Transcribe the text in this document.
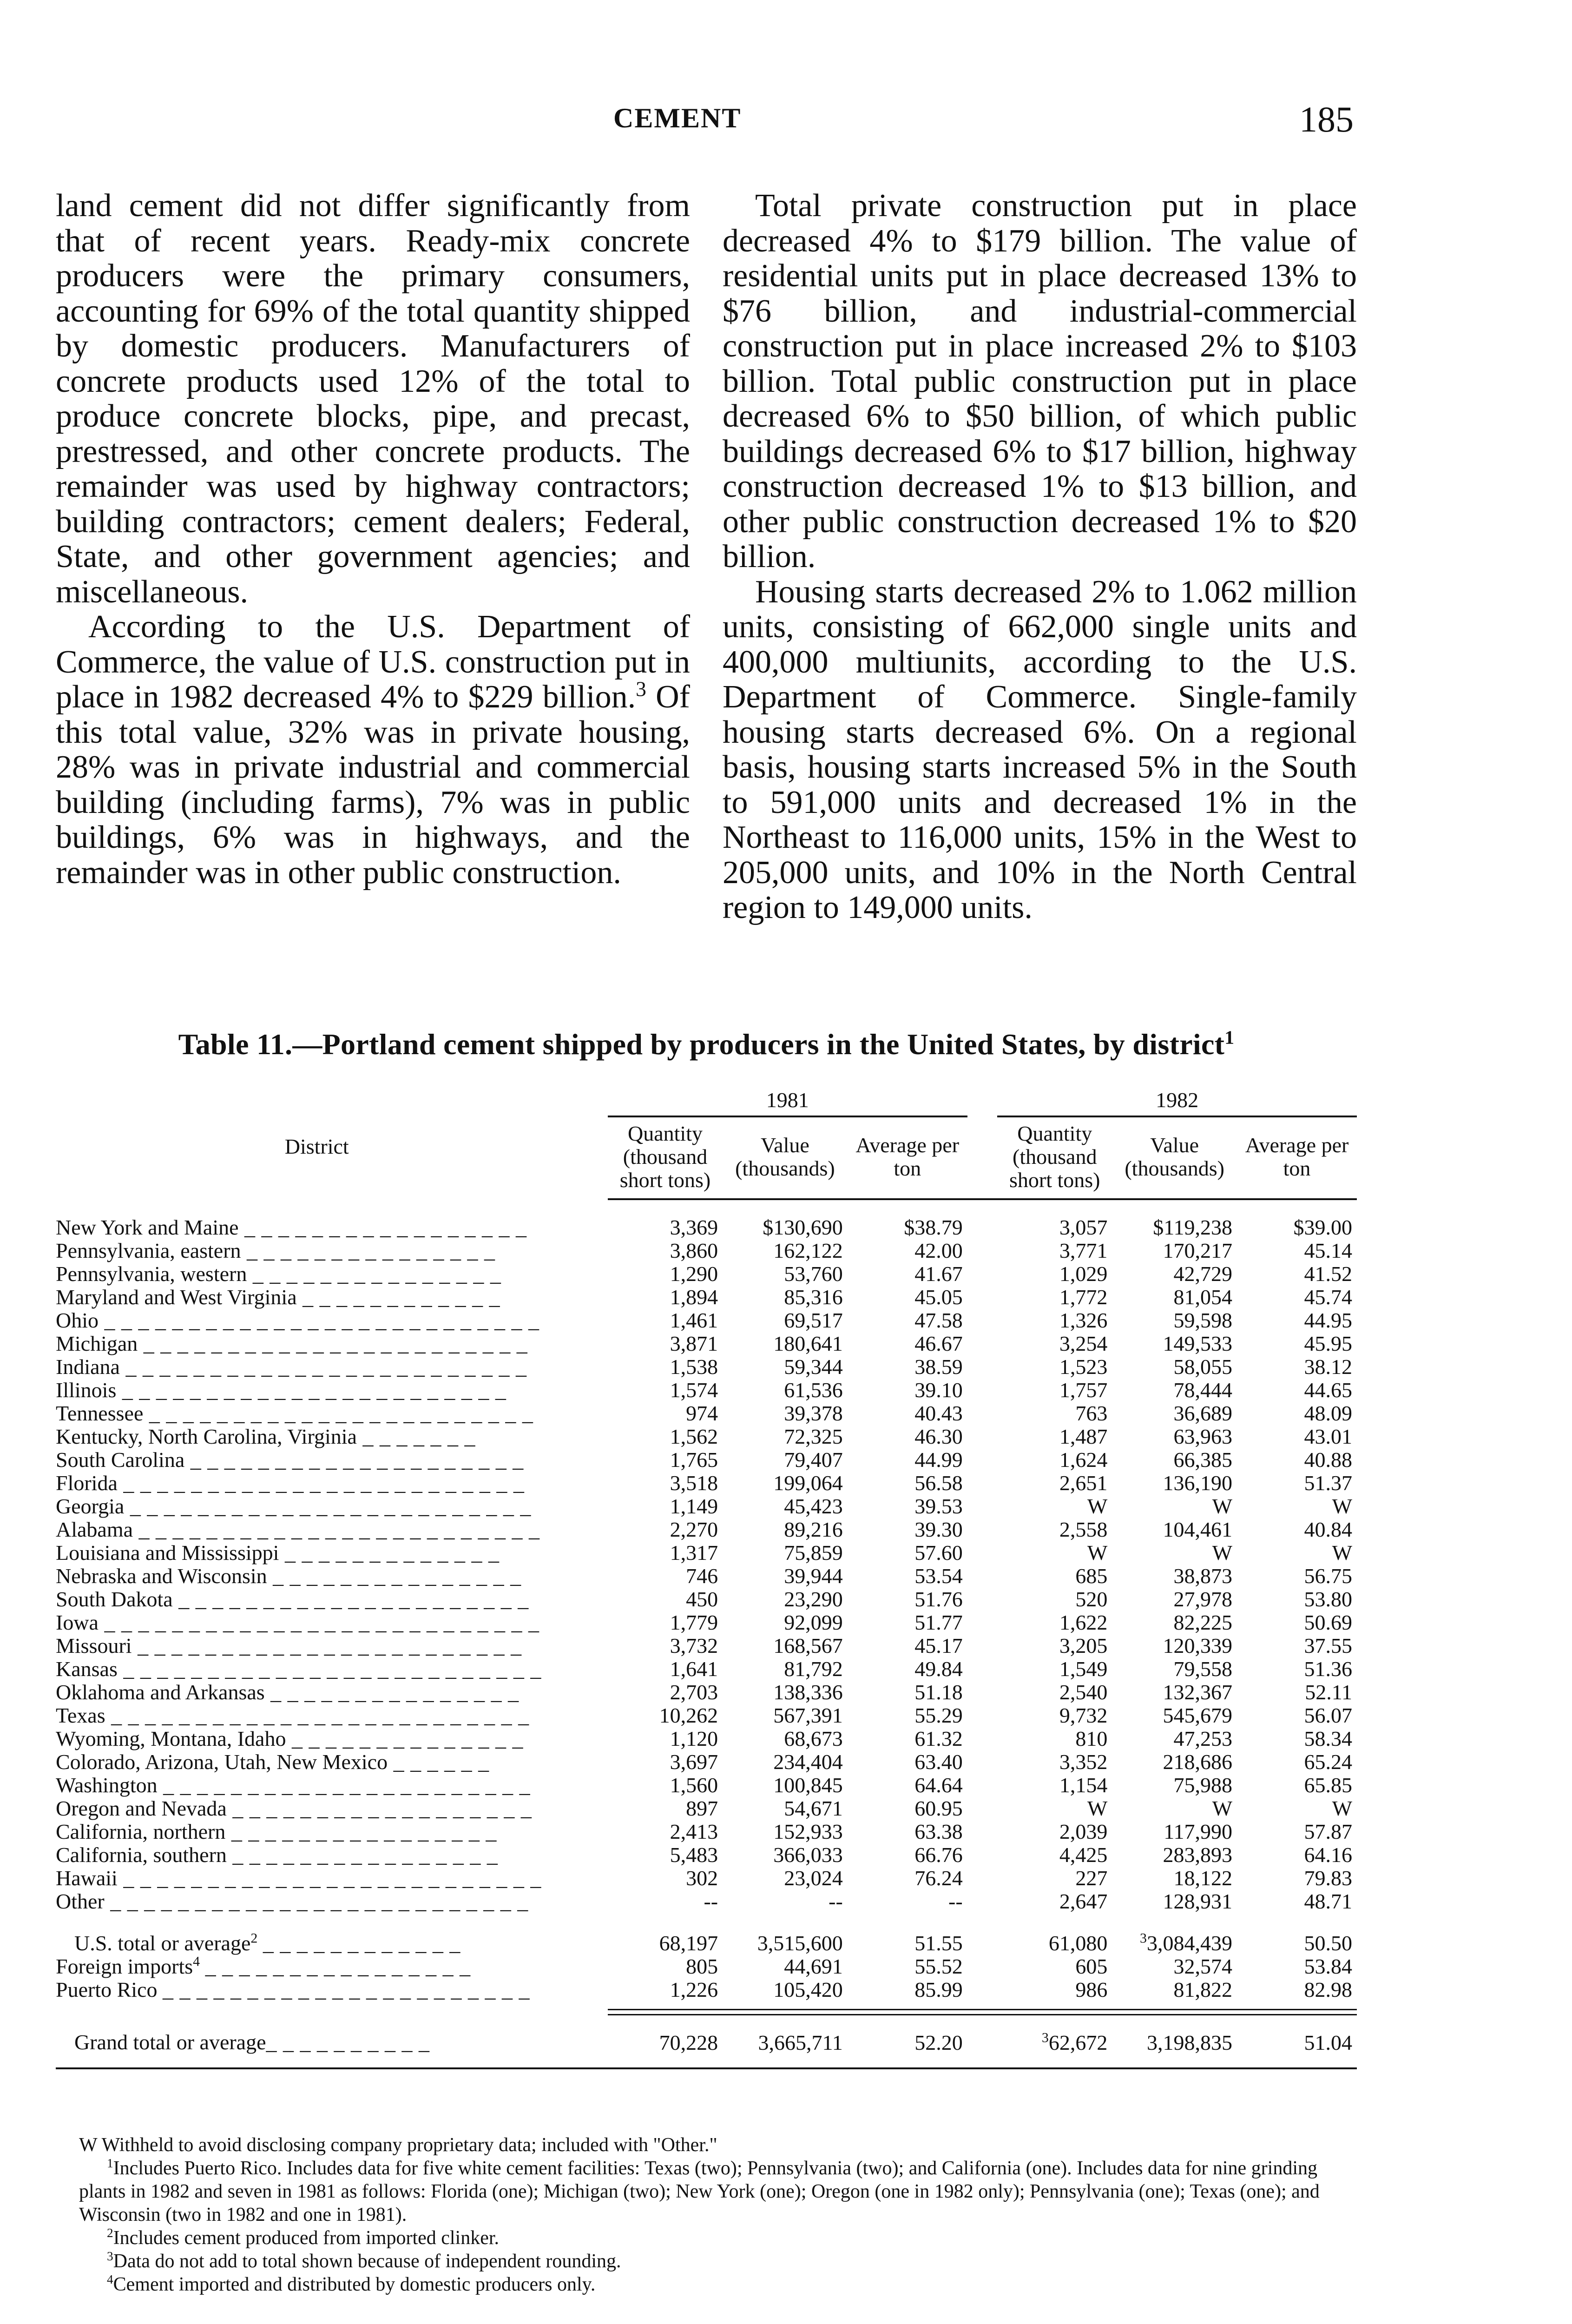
CEMENT	185

land cement did not differ significantly from that of recent years. Ready-mix concrete producers were the primary consumers, accounting for 69% of the total quantity shipped by domestic producers. Manufacturers of concrete products used 12% of the total to produce concrete blocks, pipe, and precast, prestressed, and other concrete products. The remainder was used by highway contractors; building contractors; cement dealers; Federal, State, and other government agencies; and miscellaneous.

According to the U.S. Department of Commerce, the value of U.S. construction put in place in 1982 decreased 4% to $229 billion.$^3$ Of this total value, 32% was in private housing, 28% was in private industrial and commercial building (including farms), 7% was in public buildings, 6% was in highways, and the remainder was in other public construction.

Total private construction put in place decreased 4% to $179 billion. The value of residential units put in place decreased 13% to $76 billion, and industrial-commercial construction put in place increased 2% to $103 billion. Total public construction put in place decreased 6% to $50 billion, of which public buildings decreased 6% to $17 billion, highway construction decreased 1% to $13 billion, and other public construction decreased 1% to $20 billion.

Housing starts decreased 2% to 1.062 million units, consisting of 662,000 single units and 400,000 multiunits, according to the U.S. Department of Commerce. Single-family housing starts decreased 6%. On a regional basis, housing starts increased 5% in the South to 591,000 units and decreased 1% in the Northeast to 116,000 units, 15% in the West to 205,000 units, and 10% in the North Central region to 149,000 units.

Table 11.—Portland cement shipped by producers in the United States, by district$^1$
District		1981				1982		
		Quantity (thousand short tons)	Value (thousands)	Average per ton		Quantity (thousand short tons)	Value (thousands)	Average per ton

New York and Maine _ _ _ _ _ _ _ _ _ _ _ _ _ _ _ _ _		3,369	$130,690	$38.79		3,057	$119,238	$39.00
Pennsylvania, eastern _ _ _ _ _ _ _ _ _ _ _ _ _ _ _		3,860	162,122	42.00		3,771	170,217	45.14
Pennsylvania, western _ _ _ _ _ _ _ _ _ _ _ _ _ _ _		1,290	53,760	41.67		1,029	42,729	41.52
Maryland and West Virginia _ _ _ _ _ _ _ _ _ _ _ _		1,894	85,316	45.05		1,772	81,054	45.74
Ohio _ _ _ _ _ _ _ _ _ _ _ _ _ _ _ _ _ _ _ _ _ _ _ _ _ _		1,461	69,517	47.58		1,326	59,598	44.95
Michigan _ _ _ _ _ _ _ _ _ _ _ _ _ _ _ _ _ _ _ _ _ _ _		3,871	180,641	46.67		3,254	149,533	45.95
Indiana _ _ _ _ _ _ _ _ _ _ _ _ _ _ _ _ _ _ _ _ _ _ _ _		1,538	59,344	38.59		1,523	58,055	38.12
Illinois _ _ _ _ _ _ _ _ _ _ _ _ _ _ _ _ _ _ _ _ _ _ _		1,574	61,536	39.10		1,757	78,444	44.65
Tennessee _ _ _ _ _ _ _ _ _ _ _ _ _ _ _ _ _ _ _ _ _ _ _		974	39,378	40.43		763	36,689	48.09
Kentucky, North Carolina, Virginia _ _ _ _ _ _ _		1,562	72,325	46.30		1,487	63,963	43.01
South Carolina _ _ _ _ _ _ _ _ _ _ _ _ _ _ _ _ _ _ _ _		1,765	79,407	44.99		1,624	66,385	40.88
Florida _ _ _ _ _ _ _ _ _ _ _ _ _ _ _ _ _ _ _ _ _ _ _ _		3,518	199,064	56.58		2,651	136,190	51.37
Georgia _ _ _ _ _ _ _ _ _ _ _ _ _ _ _ _ _ _ _ _ _ _ _ _		1,149	45,423	39.53		W	W	W
Alabama _ _ _ _ _ _ _ _ _ _ _ _ _ _ _ _ _ _ _ _ _ _ _ _		2,270	89,216	39.30		2,558	104,461	40.84
Louisiana and Mississippi _ _ _ _ _ _ _ _ _ _ _ _ _		1,317	75,859	57.60		W	W	W
Nebraska and Wisconsin _ _ _ _ _ _ _ _ _ _ _ _ _ _ _		746	39,944	53.54		685	38,873	56.75
South Dakota _ _ _ _ _ _ _ _ _ _ _ _ _ _ _ _ _ _ _ _ _		450	23,290	51.76		520	27,978	53.80
Iowa _ _ _ _ _ _ _ _ _ _ _ _ _ _ _ _ _ _ _ _ _ _ _ _ _ _		1,779	92,099	51.77		1,622	82,225	50.69
Missouri _ _ _ _ _ _ _ _ _ _ _ _ _ _ _ _ _ _ _ _ _ _ _		3,732	168,567	45.17		3,205	120,339	37.55
Kansas _ _ _ _ _ _ _ _ _ _ _ _ _ _ _ _ _ _ _ _ _ _ _ _ _		1,641	81,792	49.84		1,549	79,558	51.36
Oklahoma and Arkansas _ _ _ _ _ _ _ _ _ _ _ _ _ _ _		2,703	138,336	51.18		2,540	132,367	52.11
Texas _ _ _ _ _ _ _ _ _ _ _ _ _ _ _ _ _ _ _ _ _ _ _ _ _		10,262	567,391	55.29		9,732	545,679	56.07
Wyoming, Montana, Idaho _ _ _ _ _ _ _ _ _ _ _ _ _ _		1,120	68,673	61.32		810	47,253	58.34
Colorado, Arizona, Utah, New Mexico _ _ _ _ _ _		3,697	234,404	63.40		3,352	218,686	65.24
Washington _ _ _ _ _ _ _ _ _ _ _ _ _ _ _ _ _ _ _ _ _ _		1,560	100,845	64.64		1,154	75,988	65.85
Oregon and Nevada _ _ _ _ _ _ _ _ _ _ _ _ _ _ _ _ _ _		897	54,671	60.95		W	W	W
California, northern _ _ _ _ _ _ _ _ _ _ _ _ _ _ _ _		2,413	152,933	63.38		2,039	117,990	57.87
California, southern _ _ _ _ _ _ _ _ _ _ _ _ _ _ _ _		5,483	366,033	66.76		4,425	283,893	64.16
Hawaii _ _ _ _ _ _ _ _ _ _ _ _ _ _ _ _ _ _ _ _ _ _ _ _ _		302	23,024	76.24		227	18,122	79.83
Other _ _ _ _ _ _ _ _ _ _ _ _ _ _ _ _ _ _ _ _ _ _ _ _ _		--	--	--		2,647	128,931	48.71

U.S. total or average$^2$ _ _ _ _ _ _ _ _ _ _ _ _		68,197	3,515,600	51.55		61,080	$^3$3,084,439	50.50
Foreign imports$^4$ _ _ _ _ _ _ _ _ _ _ _ _ _ _ _ _		805	44,691	55.52		605	32,574	53.84
Puerto Rico _ _ _ _ _ _ _ _ _ _ _ _ _ _ _ _ _ _ _ _ _ _		1,226	105,420	85.99		986	81,822	82.98

Grand total or average_ _ _ _ _ _ _ _ _ _		70,228	3,665,711	52.20		$^3$62,672	3,198,835	51.04

W Withheld to avoid disclosing company proprietary data; included with "Other."

$^1$Includes Puerto Rico. Includes data for five white cement facilities: Texas (two); Pennsylvania (two); and California (one). Includes data for nine grinding plants in 1982 and seven in 1981 as follows: Florida (one); Michigan (two); New York (one); Oregon (one in 1982 only); Pennsylvania (one); Texas (one); and Wisconsin (two in 1982 and one in 1981).

$^2$Includes cement produced from imported clinker.

$^3$Data do not add to total shown because of independent rounding.

$^4$Cement imported and distributed by domestic producers only.
